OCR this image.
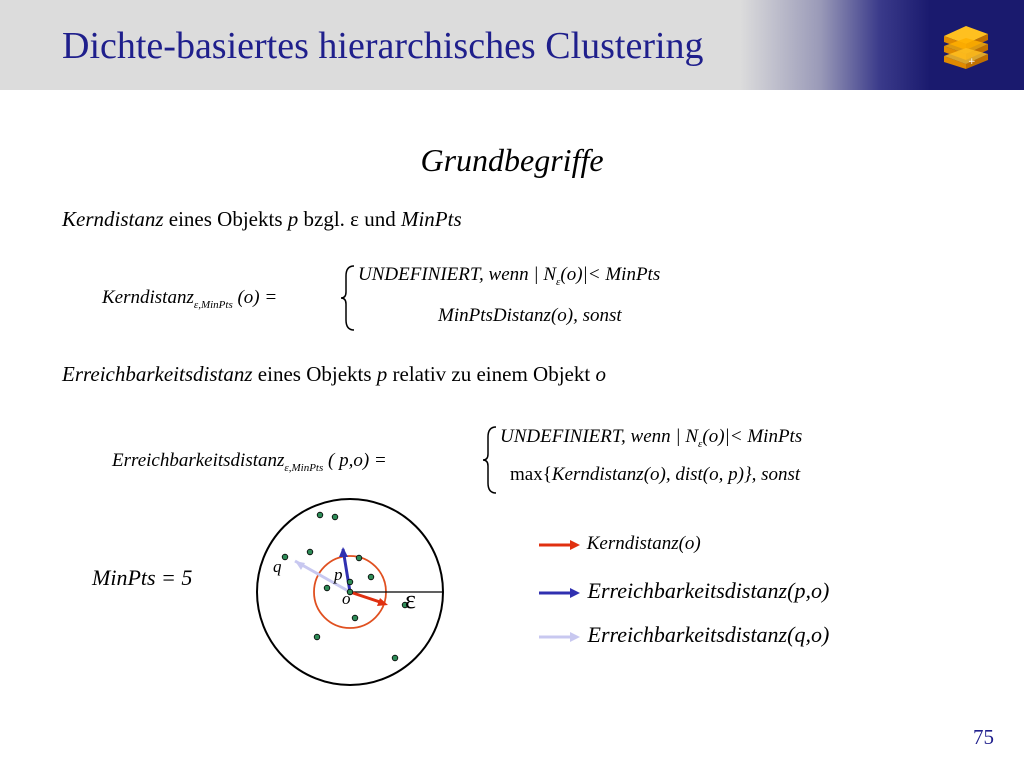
Dichte-basiertes hierarchisches Clustering	+
Grundbegriffe
Kerndistanz eines Objekts p bzgl. ε und MinPts
Kerndistanz$_{\varepsilon,MinPts}$ (o) =
UNDEFINIERT, wenn | $N_\varepsilon(o)|<$ MinPts
MinPtsDistanz(o), sonst
Erreichbarkeitsdistanz eines Objekts p relativ zu einem Objekt o
Erreichbarkeitsdistanz$_{\varepsilon,MinPts}$ ( p,o) =
UNDEFINIERT, wenn | $N_\varepsilon(o)|<$ MinPts
max{Kerndistanz(o), dist(o, p)}, sonst
MinPts = 5	q	p
o ε
Kerndistanz(o)
Erreichbarkeitsdistanz(p,o)
Erreichbarkeitsdistanz(q,o)
75
